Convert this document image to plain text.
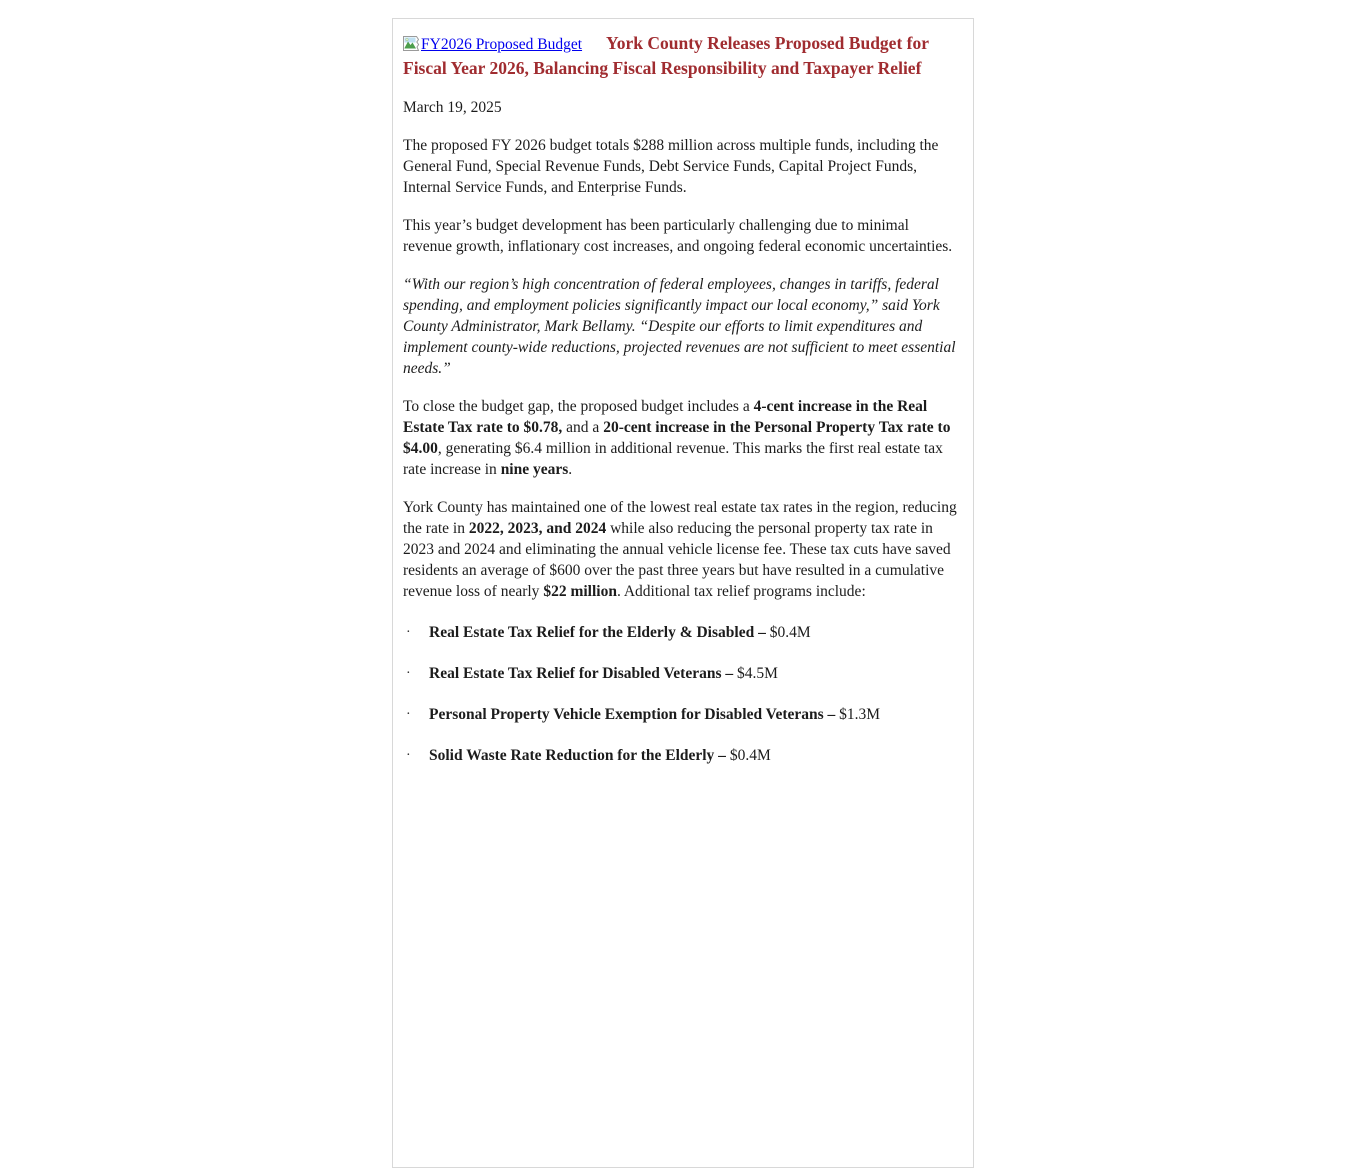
FY2026 Proposed Budget York County Releases Proposed Budget for Fiscal Year 2026, Balancing Fiscal Responsibility and Taxpayer Relief

March 19, 2025

The proposed FY 2026 budget totals $288 million across multiple funds, including the General Fund, Special Revenue Funds, Debt Service Funds, Capital Project Funds, Internal Service Funds, and Enterprise Funds.

This year’s budget development has been particularly challenging due to minimal revenue growth, inflationary cost increases, and ongoing federal economic uncertainties.

“With our region’s high concentration of federal employees, changes in tariffs, federal spending, and employment policies significantly impact our local economy,” said York County Administrator, Mark Bellamy. “Despite our efforts to limit expenditures and implement county-wide reductions, projected revenues are not sufficient to meet essential needs.”

To close the budget gap, the proposed budget includes a 4-cent increase in the Real Estate Tax rate to $0.78, and a 20-cent increase in the Personal Property Tax rate to $4.00, generating $6.4 million in additional revenue. This marks the first real estate tax rate increase in nine years.

York County has maintained one of the lowest real estate tax rates in the region, reducing the rate in 2022, 2023, and 2024 while also reducing the personal property tax rate in 2023 and 2024 and eliminating the annual vehicle license fee. These tax cuts have saved residents an average of $600 over the past three years but have resulted in a cumulative revenue loss of nearly $22 million. Additional tax relief programs include:

· Real Estate Tax Relief for the Elderly & Disabled – $0.4M
· Real Estate Tax Relief for Disabled Veterans – $4.5M
· Personal Property Vehicle Exemption for Disabled Veterans – $1.3M
· Solid Waste Rate Reduction for the Elderly – $0.4M
